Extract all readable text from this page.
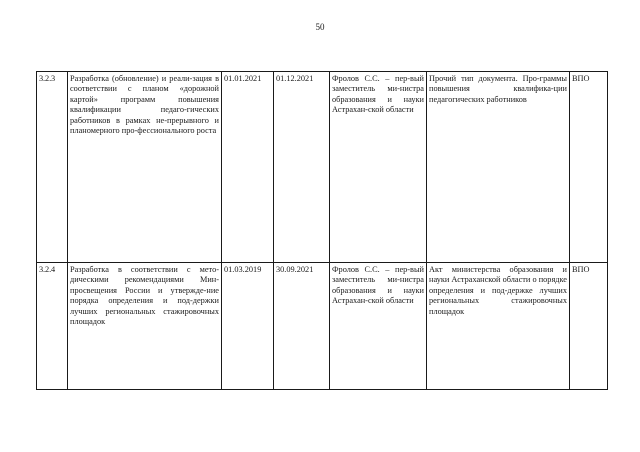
50
3.2.3	Разработка (обновление) и реали-зация в соответствии с планом «дорожной картой» программ повышения квалификации педаго-гических работников в рамках не-прерывного и планомерного про-фессионального роста	01.01.2021	01.12.2021	Фролов С.С. – пер-вый заместитель ми-нистра образования и науки Астрахан-ской области	Прочий тип документа. Про-граммы повышения квалифика-ции педагогических работников	ВПО
3.2.4	Разработка в соответствии с мето-дическими рекомендациями Мин-просвещения России и утвержде-ние порядка определения и под-держки лучших региональных стажировочных площадок	01.03.2019	30.09.2021	Фролов С.С. – пер-вый заместитель ми-нистра образования и науки Астрахан-ской области	Акт министерства образования и науки Астраханской области о порядке определения и под-держке лучших региональных стажировочных площадок	ВПО
